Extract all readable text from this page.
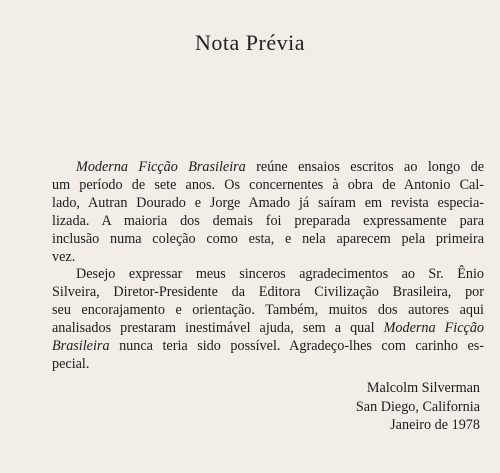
Nota Prévia

Moderna Ficção Brasileira reúne ensaios escritos ao longo de
um período de sete anos. Os concernentes à obra de Antonio Cal-
lado, Autran Dourado e Jorge Amado já saíram em revista especia-
lizada. A maioria dos demais foi preparada expressamente para
inclusão numa coleção como esta, e nela aparecem pela primeira
vez.

Desejo expressar meus sinceros agradecimentos ao Sr. Ênio
Silveira, Diretor-Presidente da Editora Civilização Brasileira, por
seu encorajamento e orientação. Também, muitos dos autores aqui
analisados prestaram inestimável ajuda, sem a qual Moderna Ficção
Brasileira nunca teria sido possível. Agradeço-lhes com carinho es-
pecial.

Malcolm Silverman
San Diego, California
Janeiro de 1978
